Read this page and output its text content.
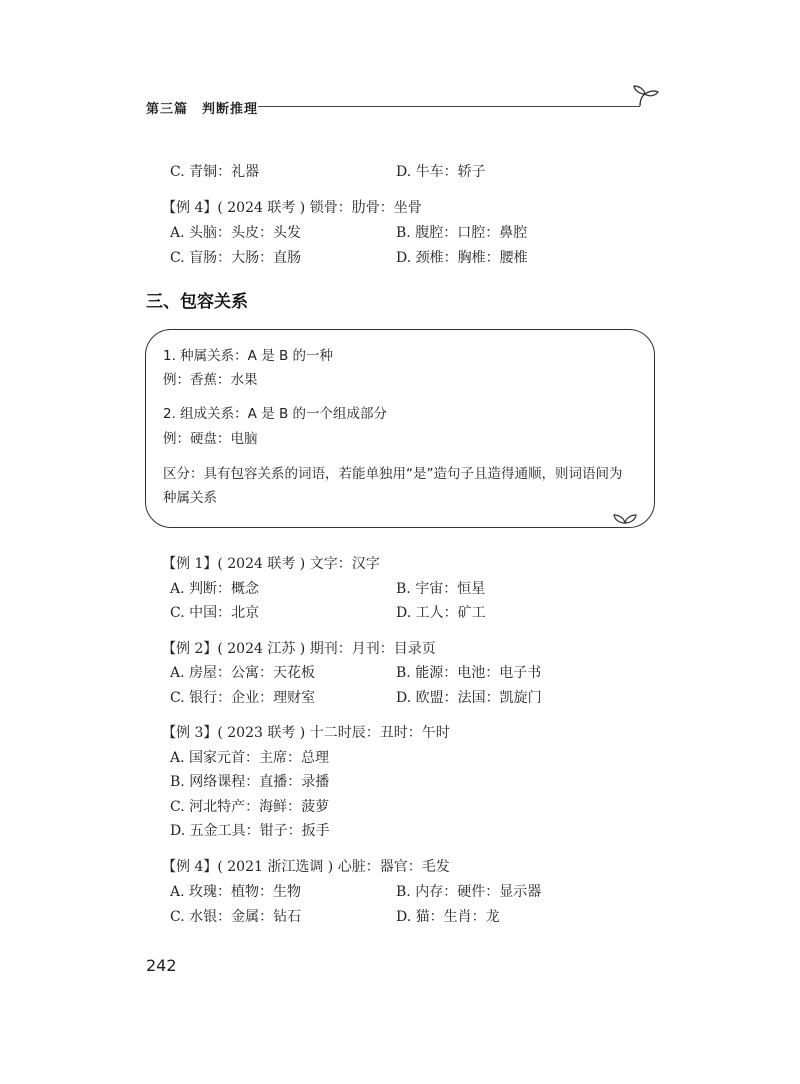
第三篇　判断推理
C. 青铜：礼器	D. 牛车：轿子
【例 4】( 2024 联考 ) 锁骨：肋骨：坐骨
A. 头脑：头皮：头发	B. 腹腔：口腔：鼻腔
C. 盲肠：大肠：直肠	D. 颈椎：胸椎：腰椎
三、包容关系
1. 种属关系：A 是 B 的一种
例：香蕉：水果
2. 组成关系：A 是 B 的一个组成部分
例：硬盘：电脑
区分：具有包容关系的词语，若能单独用“是”造句子且造得通顺，则词语间为
种属关系
【例 1】( 2024 联考 ) 文字：汉字
A. 判断：概念	B. 宇宙：恒星
C. 中国：北京	D. 工人：矿工
【例 2】( 2024 江苏 ) 期刊：月刊：目录页
A. 房屋：公寓：天花板	B. 能源：电池：电子书
C. 银行：企业：理财室	D. 欧盟：法国：凯旋门
【例 3】( 2023 联考 ) 十二时辰：丑时：午时
A. 国家元首：主席：总理
B. 网络课程：直播：录播
C. 河北特产：海鲜：菠萝
D. 五金工具：钳子：扳手
【例 4】( 2021 浙江选调 ) 心脏：器官：毛发
A. 玫瑰：植物：生物	B. 内存：硬件：显示器
C. 水银：金属：钻石	D. 猫：生肖：龙
242
